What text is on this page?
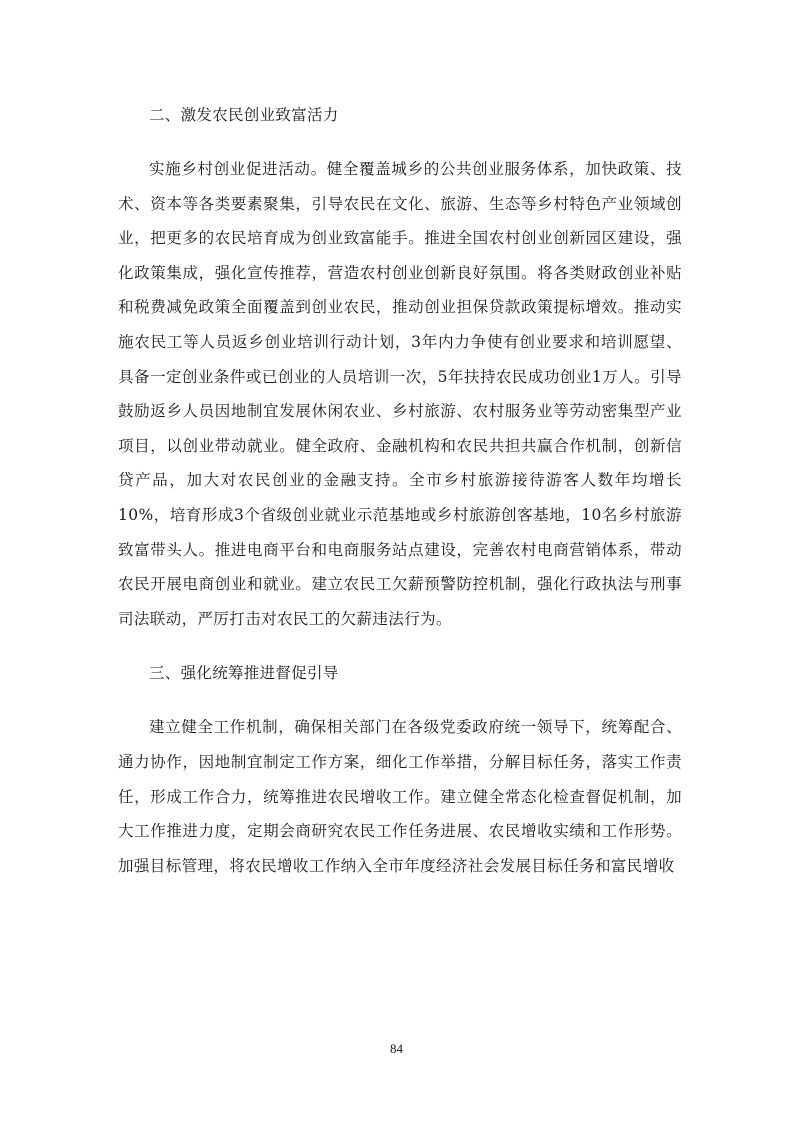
二、激发农民创业致富活力

实施乡村创业促进活动。健全覆盖城乡的公共创业服务体系，加快政策、技术、资本等各类要素聚集，引导农民在文化、旅游、生态等乡村特色产业领域创业，把更多的农民培育成为创业致富能手。推进全国农村创业创新园区建设，强化政策集成，强化宣传推荐，营造农村创业创新良好氛围。将各类财政创业补贴和税费减免政策全面覆盖到创业农民，推动创业担保贷款政策提标增效。推动实施农民工等人员返乡创业培训行动计划，3年内力争使有创业要求和培训愿望、具备一定创业条件或已创业的人员培训一次，5年扶持农民成功创业1万人。引导鼓励返乡人员因地制宜发展休闲农业、乡村旅游、农村服务业等劳动密集型产业项目，以创业带动就业。健全政府、金融机构和农民共担共赢合作机制，创新信贷产品，加大对农民创业的金融支持。全市乡村旅游接待游客人数年均增长10%，培育形成3个省级创业就业示范基地或乡村旅游创客基地，10名乡村旅游致富带头人。推进电商平台和电商服务站点建设，完善农村电商营销体系，带动农民开展电商创业和就业。建立农民工欠薪预警防控机制，强化行政执法与刑事司法联动，严厉打击对农民工的欠薪违法行为。

三、强化统筹推进督促引导

建立健全工作机制，确保相关部门在各级党委政府统一领导下，统筹配合、通力协作，因地制宜制定工作方案，细化工作举措，分解目标任务，落实工作责任，形成工作合力，统筹推进农民增收工作。建立健全常态化检查督促机制，加大工作推进力度，定期会商研究农民工作任务进展、农民增收实绩和工作形势。加强目标管理，将农民增收工作纳入全市年度经济社会发展目标任务和富民增收

84
